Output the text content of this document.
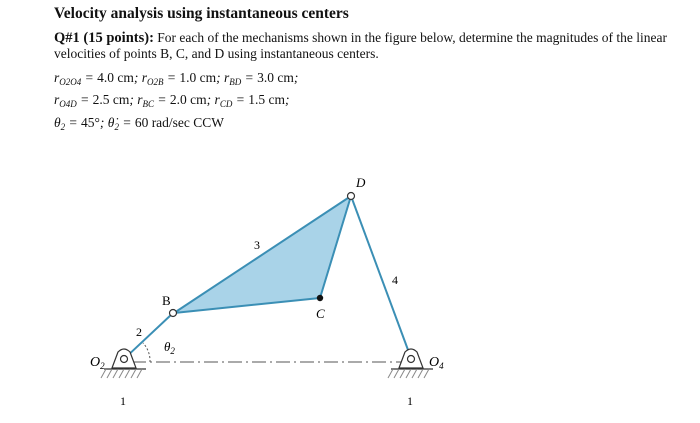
Velocity analysis using instantaneous centers
Q#1 (15 points): For each of the mechanisms shown in the figure below, determine the magnitudes of the linear velocities of points B, C, and D using instantaneous centers.
$r_{O2O4} = 4.0$ cm; $r_{O2B} = 1.0$ cm; $r_{BD} = 3.0$ cm;
$r_{O4D} = 2.5$ cm; $r_{BC} = 2.0$ cm; $r_{CD} = 1.5$ cm;
$\theta_2 = 45^\circ$; $\thetȧ_2 = 60$ rad/sec CCW
B
C
D
3
4
2
$\theta_2$
$O_2$	$O_4$
1	1
